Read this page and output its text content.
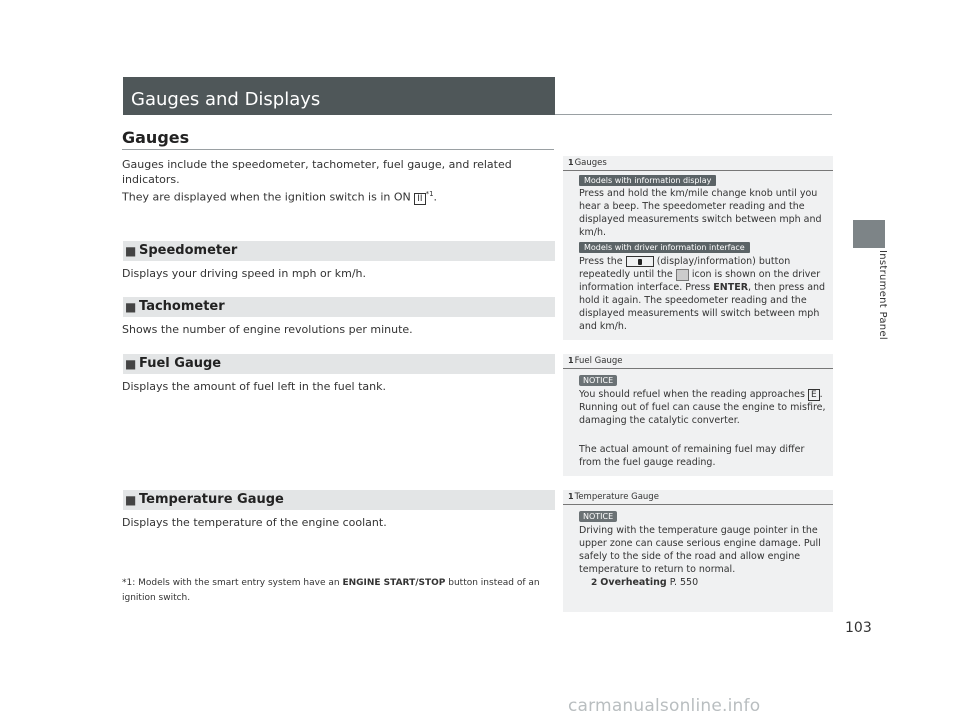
Gauges and Displays
Instrument Panel
Gauges
Gauges include the speedometer, tachometer, fuel gauge, and related indicators.
They are displayed when the ignition switch is in ON II $^{*1}$.
■ Speedometer
Displays your driving speed in mph or km/h.
■ Tachometer
Shows the number of engine revolutions per minute.
■ Fuel Gauge
Displays the amount of fuel left in the fuel tank.
■ Temperature Gauge
Displays the temperature of the engine coolant.
*1: Models with the smart entry system have an ENGINE START/STOP button instead of an
ignition switch.
1Gauges
Models with information display
Press and hold the km/mile change knob until you hear a beep. The speedometer reading and the displayed measurements switch between mph and km/h.
Models with driver information interface
Press the	(display/information) button repeatedly until the icon is shown on the driver information interface. Press ENTER, then press and hold it again. The speedometer reading and the displayed measurements will switch between mph and km/h.
1Fuel Gauge
NOTICE
You should refuel when the reading approaches E . Running out of fuel can cause the engine to misfire, damaging the catalytic converter.
The actual amount of remaining fuel may differ from the fuel gauge reading.
1Temperature Gauge
NOTICE
Driving with the temperature gauge pointer in the upper zone can cause serious engine damage. Pull safely to the side of the road and allow engine temperature to return to normal.
2 Overheating P. 550
103
carmanualsonline.info
